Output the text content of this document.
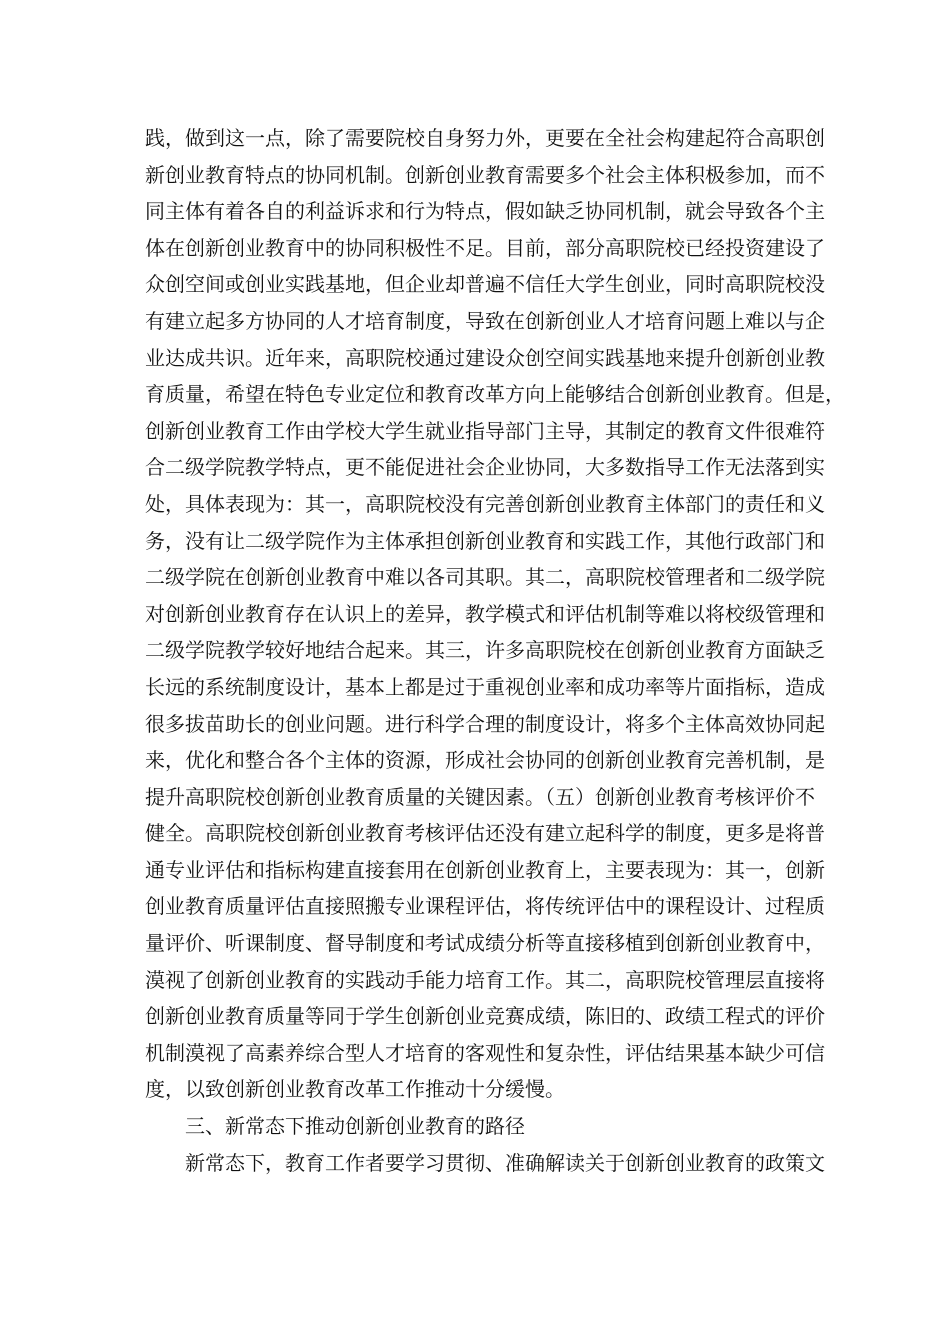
践，做到这一点，除了需要院校自身努力外，更要在全社会构建起符合高职创
新创业教育特点的协同机制。创新创业教育需要多个社会主体积极参加，而不
同主体有着各自的利益诉求和行为特点，假如缺乏协同机制，就会导致各个主
体在创新创业教育中的协同积极性不足。目前，部分高职院校已经投资建设了
众创空间或创业实践基地，但企业却普遍不信任大学生创业，同时高职院校没
有建立起多方协同的人才培育制度，导致在创新创业人才培育问题上难以与企
业达成共识。近年来，高职院校通过建设众创空间实践基地来提升创新创业教
育质量，希望在特色专业定位和教育改革方向上能够结合创新创业教育。但是，
创新创业教育工作由学校大学生就业指导部门主导，其制定的教育文件很难符
合二级学院教学特点，更不能促进社会企业协同，大多数指导工作无法落到实
处，具体表现为：其一，高职院校没有完善创新创业教育主体部门的责任和义
务，没有让二级学院作为主体承担创新创业教育和实践工作，其他行政部门和
二级学院在创新创业教育中难以各司其职。其二，高职院校管理者和二级学院
对创新创业教育存在认识上的差异，教学模式和评估机制等难以将校级管理和
二级学院教学较好地结合起来。其三，许多高职院校在创新创业教育方面缺乏
长远的系统制度设计，基本上都是过于重视创业率和成功率等片面指标，造成
很多拔苗助长的创业问题。进行科学合理的制度设计，将多个主体高效协同起
来，优化和整合各个主体的资源，形成社会协同的创新创业教育完善机制，是
提升高职院校创新创业教育质量的关键因素。（五）创新创业教育考核评价不
健全。高职院校创新创业教育考核评估还没有建立起科学的制度，更多是将普
通专业评估和指标构建直接套用在创新创业教育上，主要表现为：其一，创新
创业教育质量评估直接照搬专业课程评估，将传统评估中的课程设计、过程质
量评价、听课制度、督导制度和考试成绩分析等直接移植到创新创业教育中，
漠视了创新创业教育的实践动手能力培育工作。其二，高职院校管理层直接将
创新创业教育质量等同于学生创新创业竞赛成绩，陈旧的、政绩工程式的评价
机制漠视了高素养综合型人才培育的客观性和复杂性，评估结果基本缺少可信
度，以致创新创业教育改革工作推动十分缓慢。
三、新常态下推动创新创业教育的路径
新常态下，教育工作者要学习贯彻、准确解读关于创新创业教育的政策文
